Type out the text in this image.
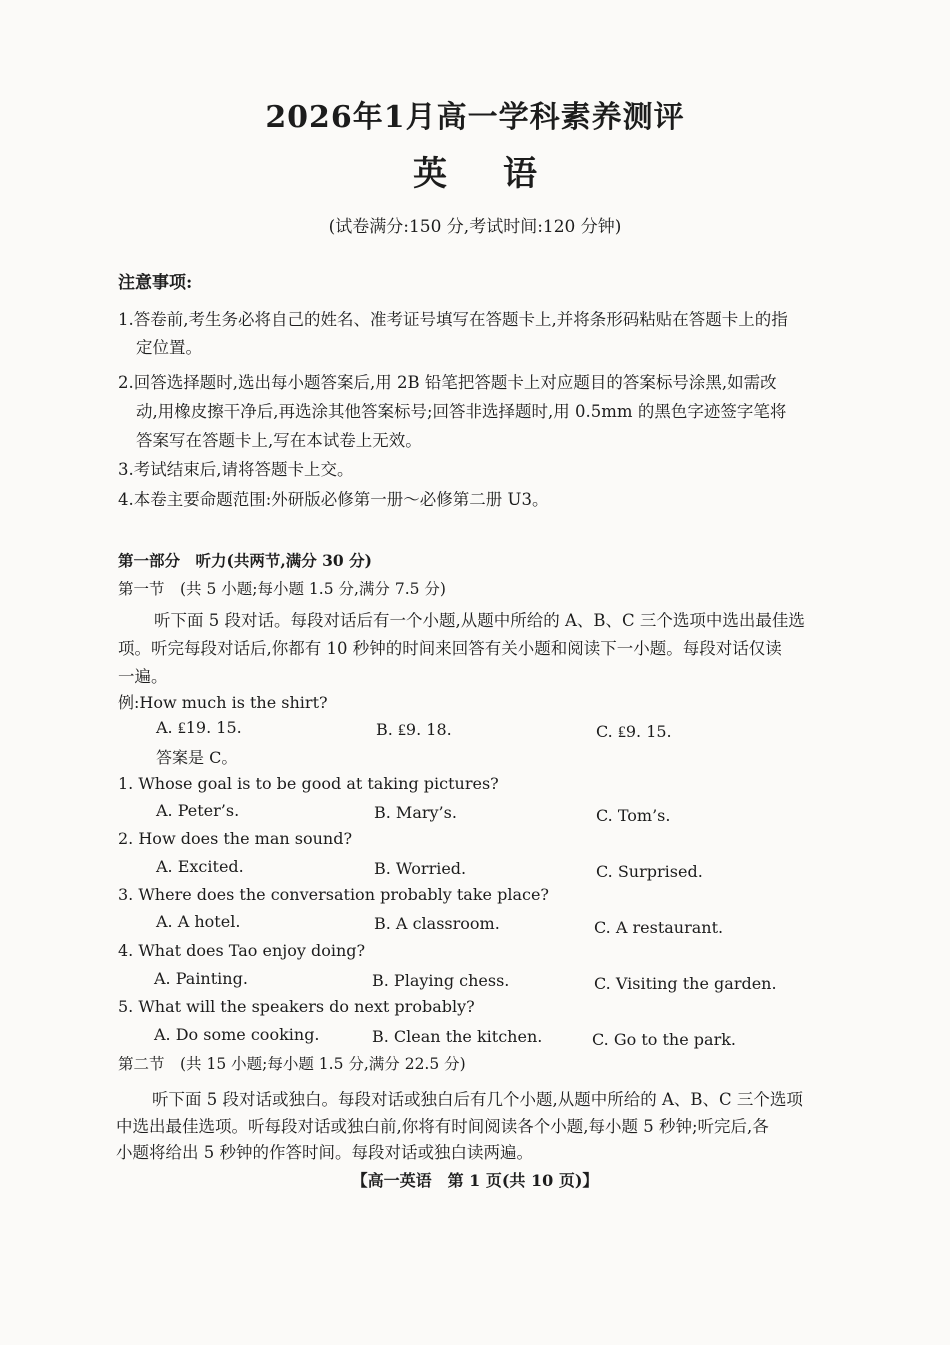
2026年1月高一学科素养测评
英语
(试卷满分:150 分,考试时间:120 分钟)
注意事项:
1.答卷前,考生务必将自己的姓名、准考证号填写在答题卡上,并将条形码粘贴在答题卡上的指
定位置。
2.回答选择题时,选出每小题答案后,用 2B 铅笔把答题卡上对应题目的答案标号涂黑,如需改
动,用橡皮擦干净后,再选涂其他答案标号;回答非选择题时,用 0.5mm 的黑色字迹签字笔将
答案写在答题卡上,写在本试卷上无效。
3.考试结束后,请将答题卡上交。
4.本卷主要命题范围:外研版必修第一册～必修第二册 U3。
第一部分　听力(共两节,满分 30 分)
第一节　(共 5 小题;每小题 1.5 分,满分 7.5 分)
听下面 5 段对话。每段对话后有一个小题,从题中所给的 A、B、C 三个选项中选出最佳选
项。听完每段对话后,你都有 10 秒钟的时间来回答有关小题和阅读下一小题。每段对话仅读
一遍。
例:How much is the shirt?
A. ₤19. 15.	B. ₤9. 18.	C. ₤9. 15.
答案是 C。
1. Whose goal is to be good at taking pictures?
A. Peter’s.	B. Mary’s.	C. Tom’s.
2. How does the man sound?
A. Excited.	B. Worried.	C. Surprised.
3. Where does the conversation probably take place?
A. A hotel.	B. A classroom.	C. A restaurant.
4. What does Tao enjoy doing?
A. Painting.	B. Playing chess.	C. Visiting the garden.
5. What will the speakers do next probably?
A. Do some cooking.	B. Clean the kitchen.	C. Go to the park.
第二节　(共 15 小题;每小题 1.5 分,满分 22.5 分)
听下面 5 段对话或独白。每段对话或独白后有几个小题,从题中所给的 A、B、C 三个选项
中选出最佳选项。听每段对话或独白前,你将有时间阅读各个小题,每小题 5 秒钟;听完后,各
小题将给出 5 秒钟的作答时间。每段对话或独白读两遍。
【高一英语　第 1 页(共 10 页)】
